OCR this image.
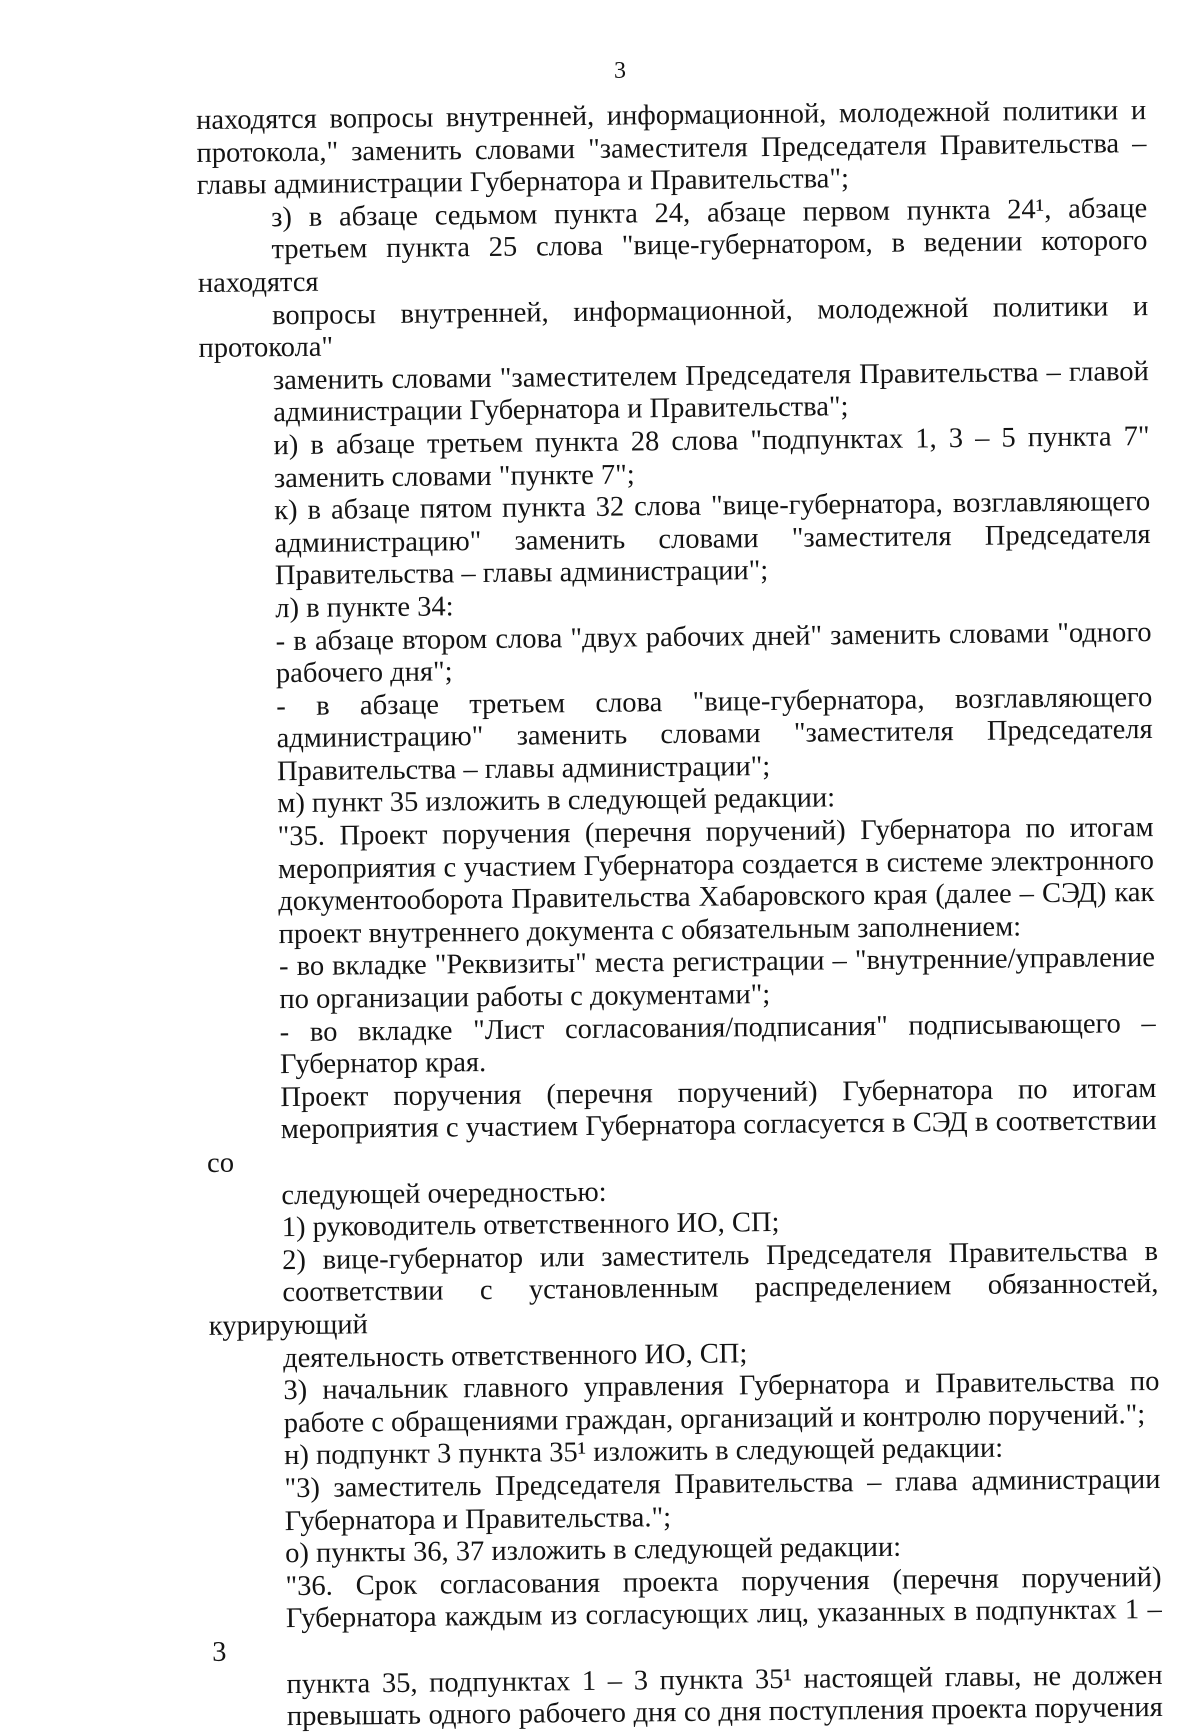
3
находятся вопросы внутренней, информационной, молодежной политики и
протокола," заменить словами "заместителя Председателя Правительства –
главы администрации Губернатора и Правительства";
з) в абзаце седьмом пункта 24, абзаце первом пункта 24¹, абзаце
третьем пункта 25 слова "вице-губернатором, в ведении которого находятся
вопросы внутренней, информационной, молодежной политики и протокола"
заменить словами "заместителем Председателя Правительства – главой
администрации Губернатора и Правительства";
и) в абзаце третьем пункта 28 слова "подпунктах 1, 3 – 5 пункта 7"
заменить словами "пункте 7";
к) в абзаце пятом пункта 32 слова "вице-губернатора, возглавляющего
администрацию" заменить словами "заместителя Председателя
Правительства – главы администрации";
л) в пункте 34:
- в абзаце втором слова "двух рабочих дней" заменить словами "одного
рабочего дня";
- в абзаце третьем слова "вице-губернатора, возглавляющего
администрацию" заменить словами "заместителя Председателя
Правительства – главы администрации";
м) пункт 35 изложить в следующей редакции:
"35. Проект поручения (перечня поручений) Губернатора по итогам
мероприятия с участием Губернатора создается в системе электронного
документооборота Правительства Хабаровского края (далее – СЭД) как
проект внутреннего документа с обязательным заполнением:
- во вкладке "Реквизиты" места регистрации – "внутренние/управление
по организации работы с документами";
- во вкладке "Лист согласования/подписания" подписывающего –
Губернатор края.
Проект поручения (перечня поручений) Губернатора по итогам
мероприятия с участием Губернатора согласуется в СЭД в соответствии со
следующей очередностью:
1) руководитель ответственного ИО, СП;
2) вице-губернатор или заместитель Председателя Правительства в
соответствии с установленным распределением обязанностей, курирующий
деятельность ответственного ИО, СП;
3) начальник главного управления Губернатора и Правительства по
работе с обращениями граждан, организаций и контролю поручений.";
н) подпункт 3 пункта 35¹ изложить в следующей редакции:
"3) заместитель Председателя Правительства – глава администрации
Губернатора и Правительства.";
о) пункты 36, 37 изложить в следующей редакции:
"36. Срок согласования проекта поручения (перечня поручений)
Губернатора каждым из согласующих лиц, указанных в подпунктах 1 – 3
пункта 35, подпунктах 1 – 3 пункта 35¹ настоящей главы, не должен
превышать одного рабочего дня со дня поступления проекта поручения
